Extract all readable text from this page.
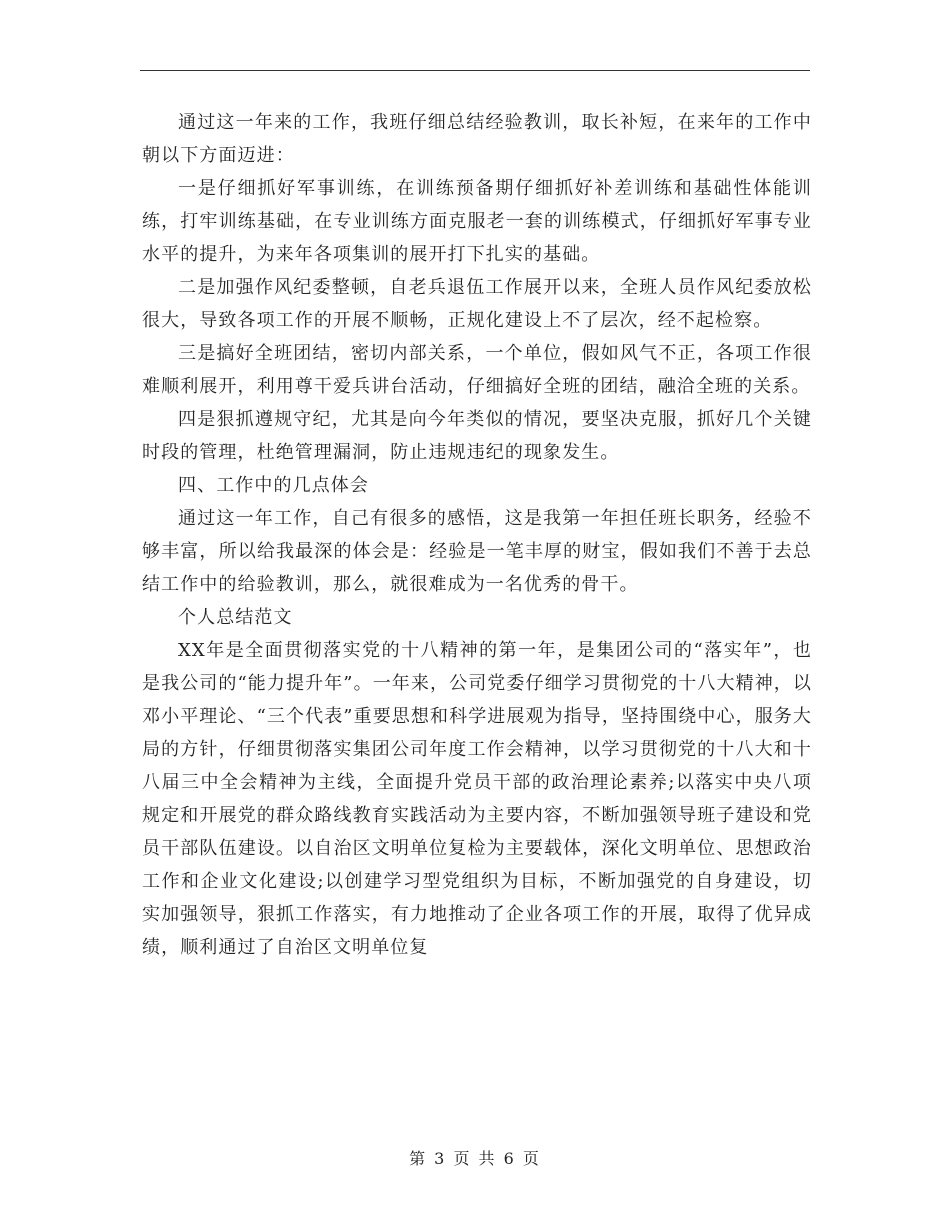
通过这一年来的工作，我班仔细总结经验教训，取长补短，在来年的工作中朝以下方面迈进：

一是仔细抓好军事训练，在训练预备期仔细抓好补差训练和基础性体能训练，打牢训练基础，在专业训练方面克服老一套的训练模式，仔细抓好军事专业水平的提升，为来年各项集训的展开打下扎实的基础。

二是加强作风纪委整顿，自老兵退伍工作展开以来，全班人员作风纪委放松很大，导致各项工作的开展不顺畅，正规化建设上不了层次，经不起检察。

三是搞好全班团结，密切内部关系，一个单位，假如风气不正，各项工作很难顺利展开，利用尊干爱兵讲台活动，仔细搞好全班的团结，融洽全班的关系。

四是狠抓遵规守纪，尤其是向今年类似的情况，要坚决克服，抓好几个关键时段的管理，杜绝管理漏洞，防止违规违纪的现象发生。

四、工作中的几点体会

通过这一年工作，自己有很多的感悟，这是我第一年担任班长职务，经验不够丰富，所以给我最深的体会是：经验是一笔丰厚的财宝，假如我们不善于去总结工作中的给验教训，那么，就很难成为一名优秀的骨干。

个人总结范文

XX年是全面贯彻落实党的十八精神的第一年，是集团公司的“落实年”，也是我公司的“能力提升年”。一年来，公司党委仔细学习贯彻党的十八大精神，以邓小平理论、“三个代表”重要思想和科学进展观为指导，坚持围绕中心，服务大局的方针，仔细贯彻落实集团公司年度工作会精神，以学习贯彻党的十八大和十八届三中全会精神为主线，全面提升党员干部的政治理论素养;以落实中央八项规定和开展党的群众路线教育实践活动为主要内容，不断加强领导班子建设和党员干部队伍建设。以自治区文明单位复检为主要载体，深化文明单位、思想政治工作和企业文化建设;以创建学习型党组织为目标，不断加强党的自身建设，切实加强领导，狠抓工作落实，有力地推动了企业各项工作的开展，取得了优异成绩，顺利通过了自治区文明单位复

第 3 页 共 6 页
